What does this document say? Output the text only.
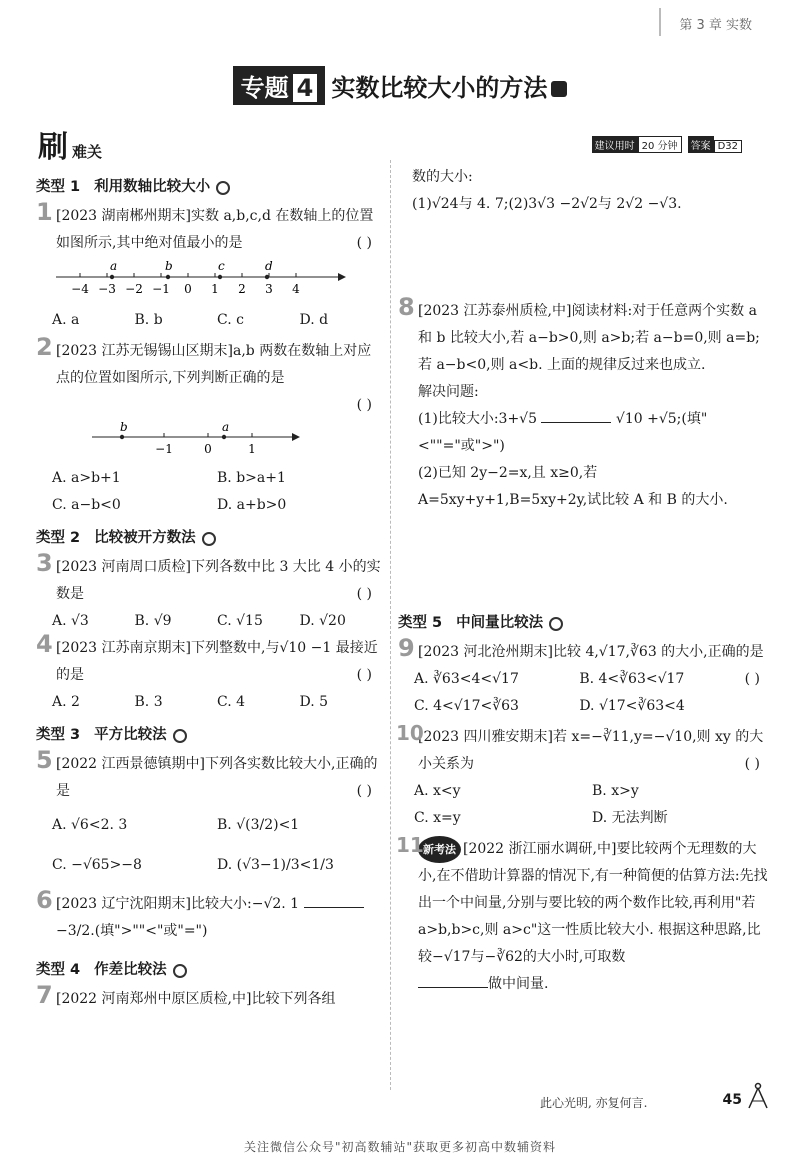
第 3 章 实数
专题 4 实数比较大小的方法
刷难关	建议用时 20 分钟 答案 D32
类型 1 利用数轴比较大小
1 [2023 湖南郴州期末]实数 a,b,c,d 在数轴上的位置如图所示,其中绝对值最小的是	( )
−4 −3 −2 −1 0 1 2 3 4
a	b	c	d
A. a	B. b	C. c	D. d
2 [2023 江苏无锡锡山区期末]a,b 两数在数轴上对应点的位置如图所示,下列判断正确的是
( )
−1	0	1
b	a
A. a>b+1	B. b>a+1
C. a−b<0	D. a+b>0
类型 2 比较被开方数法
3 [2023 河南周口质检]下列各数中比 3 大比 4 小的实数是	( )
A. √3	B. √9	C. √15	D. √20
4 [2023 江苏南京期末]下列整数中,与√10 −1 最接近的是	( )
A. 2	B. 3	C. 4	D. 5
类型 3 平方比较法
5 [2022 江西景德镇期中]下列各实数比较大小,正确的是	( )
A. √6<2. 3	B. √(3/2)<1
C. −√65>−8	D. (√3−1)/3<1/3
6 [2023 辽宁沈阳期末]比较大小:−√2. 1
−3/2.(填">""<"或"=")
类型 4 作差比较法
7 [2022 河南郑州中原区质检,中]比较下列各组
数的大小:
(1)√24与 4. 7;(2)3√3 −2√2与 2√2 −√3.
8 [2023 江苏泰州质检,中]阅读材料:对于任意两个实数 a 和 b 比较大小,若 a−b>0,则 a>b;若 a−b=0,则 a=b;若 a−b<0,则 a<b. 上面的规律反过来也成立.
解决问题:
(1)比较大小:3+√5	√10 +√5;(填"<""="或">")
(2)已知 2y−2=x,且 x≥0,若 A=5xy+y+1,B=5xy+2y,试比较 A 和 B 的大小.
类型 5 中间量比较法
9 [2023 河北沧州期末]比较 4,√17,∛63 的大小,正确的是
( )
A. ∛63<4<√17	B. 4<∛63<√17
C. 4<√17<∛63	D. √17<∛63<4
10
[2023 四川雅安期末]若 x=−∛11,y=−√10,则 xy 的大小关系为	( )
A. x<y	B. x>y
C. x=y	D. 无法判断
11 新考法 [2022 浙江丽水调研,中]要比较两个无理数的大小,在不借助计算器的情况下,有一种简便的估算方法:先找出一个中间量,分别与要比较的两个数作比较,再利用"若 a>b,b>c,则 a>c"这一性质比较大小. 根据这种思路,比较−√17与−∛62的大小时,可取数
做中间量.
此心光明, 亦复何言.	45
关注微信公众号"初高数辅站"获取更多初高中数辅资料
